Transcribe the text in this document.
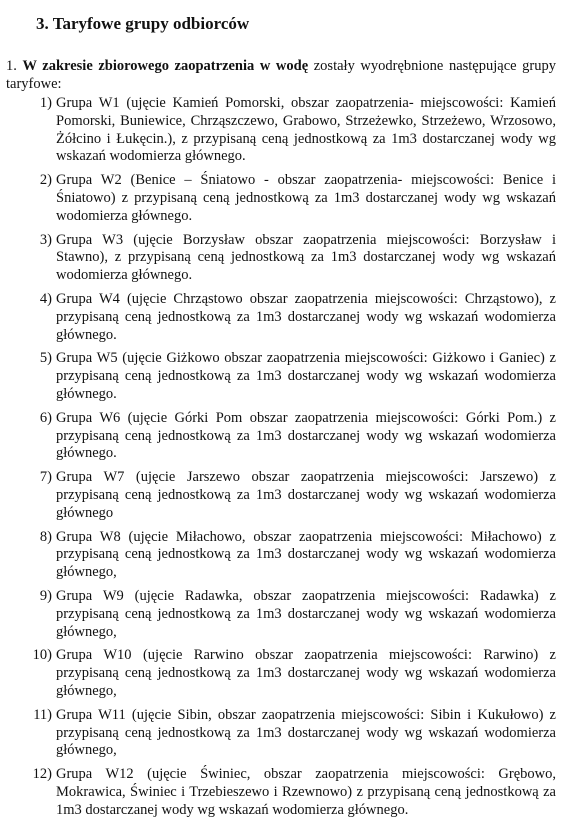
3. Taryfowe grupy odbiorców
1. W zakresie zbiorowego zaopatrzenia w wodę zostały wyodrębnione następujące grupy taryfowe:
1) Grupa W1 (ujęcie Kamień Pomorski, obszar zaopatrzenia- miejscowości: Kamień Pomorski, Buniewice, Chrząszczewo, Grabowo, Strzeżewko, Strzeżewo, Wrzosowo, Żółcino i Łukęcin.), z przypisaną ceną jednostkową za 1m3 dostarczanej wody wg wskazań wodomierza głównego.
2) Grupa W2 (Benice – Śniatowo - obszar zaopatrzenia- miejscowości: Benice i Śniatowo) z przypisaną ceną jednostkową za 1m3 dostarczanej wody wg wskazań wodomierza głównego.
3) Grupa W3 (ujęcie Borzysław obszar zaopatrzenia miejscowości: Borzysław i Stawno), z przypisaną ceną jednostkową za 1m3 dostarczanej wody wg wskazań wodomierza głównego.
4) Grupa W4 (ujęcie Chrząstowo obszar zaopatrzenia miejscowości: Chrząstowo), z przypisaną ceną jednostkową za 1m3 dostarczanej wody wg wskazań wodomierza głównego.
5) Grupa W5 (ujęcie Giżkowo obszar zaopatrzenia miejscowości: Giżkowo i Ganiec) z przypisaną ceną jednostkową za 1m3 dostarczanej wody wg wskazań wodomierza głównego.
6) Grupa W6 (ujęcie Górki Pom obszar zaopatrzenia miejscowości: Górki Pom.) z przypisaną ceną jednostkową za 1m3 dostarczanej wody wg wskazań wodomierza głównego.
7) Grupa W7 (ujęcie Jarszewo obszar zaopatrzenia miejscowości: Jarszewo) z przypisaną ceną jednostkową za 1m3 dostarczanej wody wg wskazań wodomierza głównego
8) Grupa W8 (ujęcie Miłachowo, obszar zaopatrzenia miejscowości: Miłachowo) z przypisaną ceną jednostkową za 1m3 dostarczanej wody wg wskazań wodomierza głównego,
9) Grupa W9 (ujęcie Radawka, obszar zaopatrzenia miejscowości: Radawka) z przypisaną ceną jednostkową za 1m3 dostarczanej wody wg wskazań wodomierza głównego,
10) Grupa W10 (ujęcie Rarwino obszar zaopatrzenia miejscowości: Rarwino) z przypisaną ceną jednostkową za 1m3 dostarczanej wody wg wskazań wodomierza głównego,
11) Grupa W11 (ujęcie Sibin, obszar zaopatrzenia miejscowości: Sibin i Kukułowo) z przypisaną ceną jednostkową za 1m3 dostarczanej wody wg wskazań wodomierza głównego,
12) Grupa W12 (ujęcie Świniec, obszar zaopatrzenia miejscowości: Grębowo, Mokrawica, Świniec i Trzebieszewo i Rzewnowo) z przypisaną ceną jednostkową za 1m3 dostarczanej wody wg wskazań wodomierza głównego.
